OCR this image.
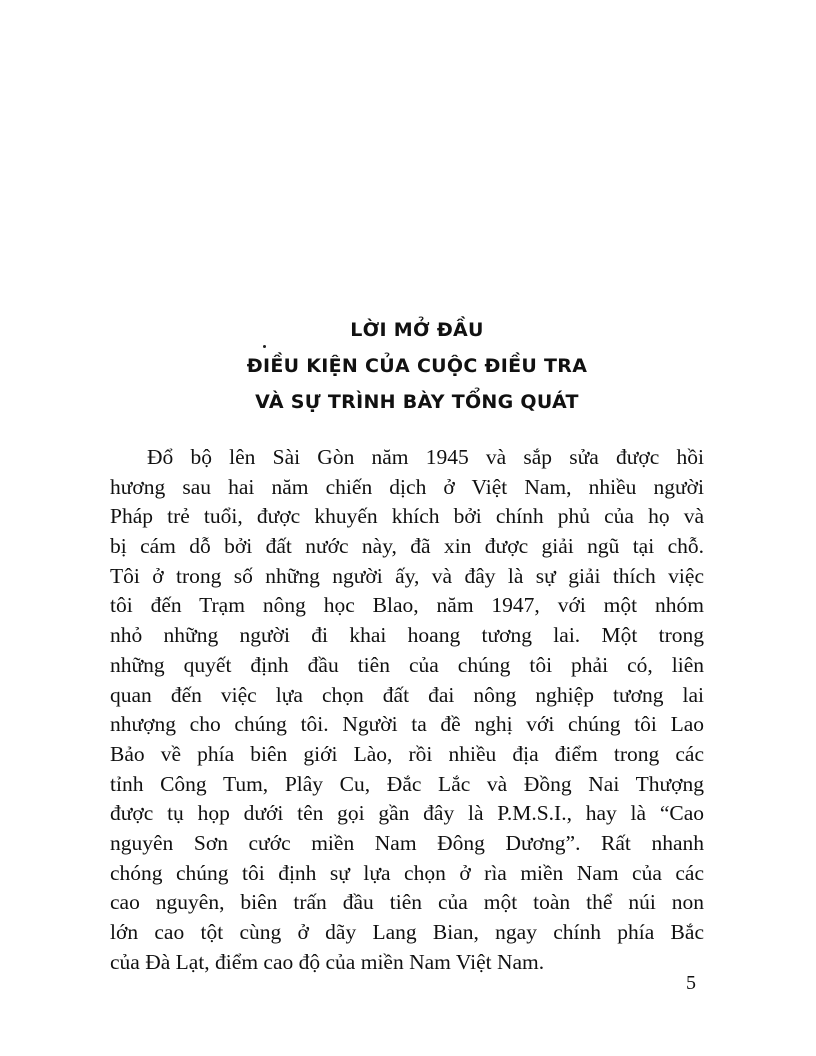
LỜI MỞ ĐẦU
ĐIỀU KIỆN CỦA CUỘC ĐIỀU TRA
VÀ SỰ TRÌNH BÀY TỔNG QUÁT
Đổ bộ lên Sài Gòn năm 1945 và sắp sửa được hồi
hương sau hai năm chiến dịch ở Việt Nam, nhiều người
Pháp trẻ tuổi, được khuyến khích bởi chính phủ của họ và
bị cám dỗ bởi đất nước này, đã xin được giải ngũ tại chỗ.
Tôi ở trong số những người ấy, và đây là sự giải thích việc
tôi đến Trạm nông học Blao, năm 1947, với một nhóm
nhỏ những người đi khai hoang tương lai. Một trong
những quyết định đầu tiên của chúng tôi phải có, liên
quan đến việc lựa chọn đất đai nông nghiệp tương lai
nhượng cho chúng tôi. Người ta đề nghị với chúng tôi Lao
Bảo về phía biên giới Lào, rồi nhiều địa điểm trong các
tỉnh Công Tum, Plây Cu, Đắc Lắc và Đồng Nai Thượng
được tụ họp dưới tên gọi gần đây là P.M.S.I., hay là “Cao
nguyên Sơn cước miền Nam Đông Dương”. Rất nhanh
chóng chúng tôi định sự lựa chọn ở rìa miền Nam của các
cao nguyên, biên trấn đầu tiên của một toàn thể núi non
lớn cao tột cùng ở dãy Lang Bian, ngay chính phía Bắc
của Đà Lạt, điểm cao độ của miền Nam Việt Nam.
5
